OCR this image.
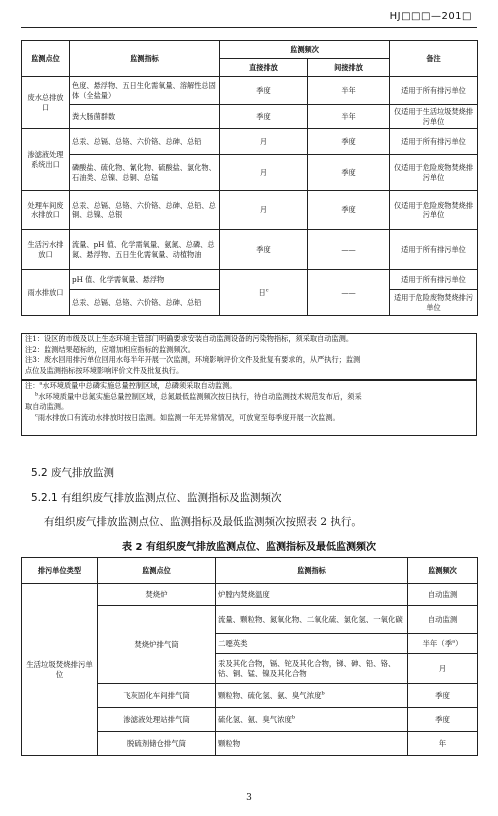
HJ□□□—201□
监测点位	监测指标	监测频次		备注
		直接排放	间接排放	
废水总排放口	色度、悬浮物、五日生化需氧量、溶解性总固体（全盐量）	季度	半年	适用于所有排污单位
	粪大肠菌群数	季度	半年	仅适用于生活垃圾焚烧排污单位
渗滤液处理系统出口	总汞、总镉、总铬、六价铬、总砷、总铅	月	季度	适用于所有排污单位
	磷酸盐、硫化物、氰化物、硫酸盐、氯化物、石油类、总镍、总铜、总锰	月	季度	仅适用于危险废物焚烧排污单位
处理车间废水排放口	总汞、总镉、总铬、六价铬、总砷、总铅、总铜、总镍、总银	月	季度	仅适用于危险废物焚烧排污单位
生活污水排放口	流量、pH 值、化学需氧量、氨氮、总磷、总氮、悬浮物、五日生化需氧量、动植物油	季度	——	适用于所有排污单位
雨水排放口	pH 值、化学需氧量、悬浮物	日$^c$	——	适用于所有排污单位
	总汞、总镉、总铬、六价铬、总砷、总铅			适用于危险废物焚烧排污单位
注1：设区的市级及以上生态环境主管部门明确要求安装自动监测设备的污染物指标，须采取自动监测。
注2：监测结果超标的，应增加相应指标的监测频次。
注3：废水回用排污单位回用水每半年开展一次监测，环境影响评价文件及批复有要求的，从严执行；监测
点位及监测指标按环境影响评价文件及批复执行。
注：$^a$水环境质量中总磷实施总量控制区域，总磷须采取自动监测。
$^b$水环境质量中总氮实施总量控制区域，总氮最低监测频次按日执行，待自动监测技术规范发布后，须采
取自动监测。
$^c$雨水排放口有流动水排放时按日监测。如监测一年无异常情况，可放宽至每季度开展一次监测。
5.2 废气排放监测
5.2.1 有组织废气排放监测点位、监测指标及监测频次
有组织废气排放监测点位、监测指标及最低监测频次按照表 2 执行。
表 2 有组织废气排放监测点位、监测指标及最低监测频次
排污单位类型	监测点位	监测指标	监测频次
生活垃圾焚烧排污单位	焚烧炉	炉膛内焚烧温度	自动监测
	焚烧炉排气筒	流量、颗粒物、氮氧化物、二氧化硫、氯化氢、一氧化碳	自动监测
		二噁英类	半年（季$^a$）
		汞及其化合物，镉、铊及其化合物，锑、砷、铅、铬、钴、铜、锰、镍及其化合物	月
	飞灰固化车间排气筒	颗粒物、硫化氢、氨、臭气浓度$^b$	季度
	渗滤液处理站排气筒	硫化氢、氨、臭气浓度$^b$	季度
	脱硫剂储仓排气筒	颗粒物	年
3
